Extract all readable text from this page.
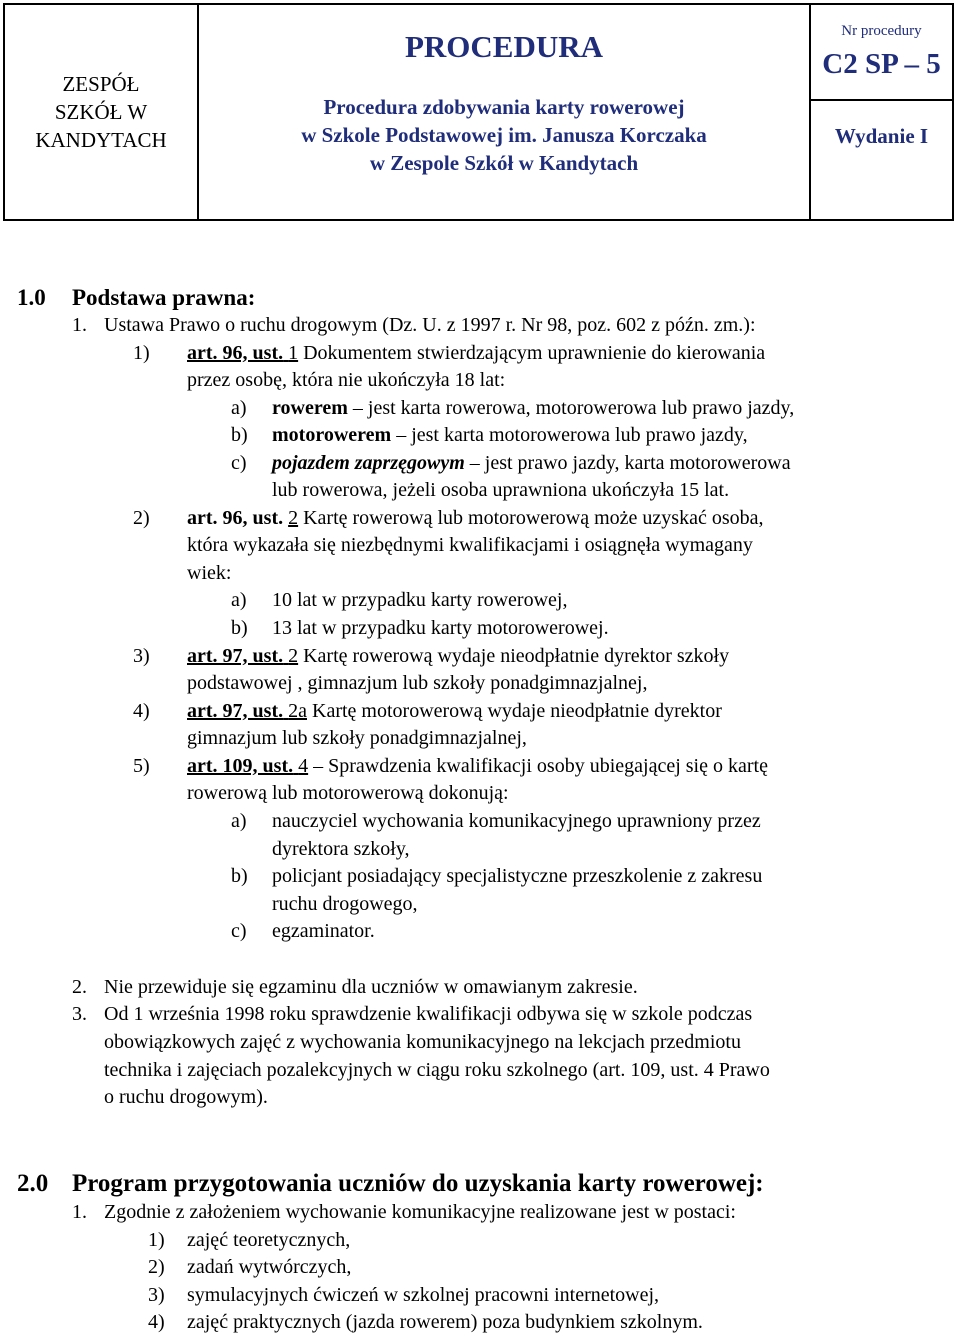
ZESPÓŁ
SZKÓŁ W
KANDYTACH
PROCEDURA
Procedura zdobywania karty rowerowej
w Szkole Podstawowej im. Janusza Korczaka
w Zespole Szkół w Kandytach
Nr procedury
C2 SP – 5
Wydanie I
1.0 Podstawa prawna:
1. Ustawa Prawo o ruchu drogowym (Dz. U. z 1997 r. Nr 98, poz. 602 z późn. zm.):
1) art. 96, ust. 1 Dokumentem stwierdzającym uprawnienie do kierowania
przez osobę, która nie ukończyła 18 lat:
a) rowerem – jest karta rowerowa, motorowerowa lub prawo jazdy,
b) motorowerem – jest karta motorowerowa lub prawo jazdy,
c) pojazdem zaprzęgowym – jest prawo jazdy, karta motorowerowa
lub rowerowa, jeżeli osoba uprawniona ukończyła 15 lat.
2) art. 96, ust. 2 Kartę rowerową lub motorowerową może uzyskać osoba,
która wykazała się niezbędnymi kwalifikacjami i osiągnęła wymagany
wiek:
a) 10 lat w przypadku karty rowerowej,
b) 13 lat w przypadku karty motorowerowej.
3) art. 97, ust. 2 Kartę rowerową wydaje nieodpłatnie dyrektor szkoły
podstawowej , gimnazjum lub szkoły ponadgimnazjalnej,
4) art. 97, ust. 2a Kartę motorowerową wydaje nieodpłatnie dyrektor
gimnazjum lub szkoły ponadgimnazjalnej,
5) art. 109, ust. 4 – Sprawdzenia kwalifikacji osoby ubiegającej się o kartę
rowerową lub motorowerową dokonują:
a) nauczyciel wychowania komunikacyjnego uprawniony przez
dyrektora szkoły,
b) policjant posiadający specjalistyczne przeszkolenie z zakresu
ruchu drogowego,
c) egzaminator.
2. Nie przewiduje się egzaminu dla uczniów w omawianym zakresie.
3. Od 1 września 1998 roku sprawdzenie kwalifikacji odbywa się w szkole podczas
obowiązkowych zajęć z wychowania komunikacyjnego na lekcjach przedmiotu
technika i zajęciach pozalekcyjnych w ciągu roku szkolnego (art. 109, ust. 4 Prawo
o ruchu drogowym).
2.0 Program przygotowania uczniów do uzyskania karty rowerowej:
1. Zgodnie z założeniem wychowanie komunikacyjne realizowane jest w postaci:
1) zajęć teoretycznych,
2) zadań wytwórczych,
3) symulacyjnych ćwiczeń w szkolnej pracowni internetowej,
4) zajęć praktycznych (jazda rowerem) poza budynkiem szkolnym.
